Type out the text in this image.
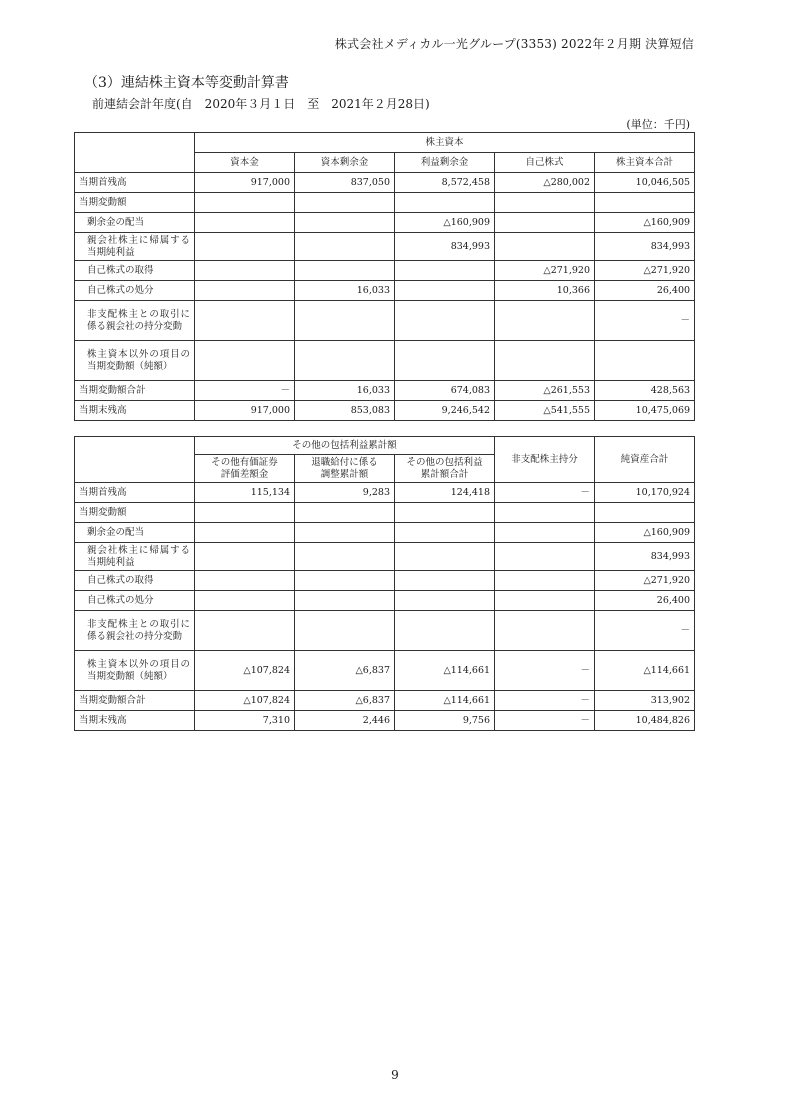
株式会社メディカル一光グループ(3353) 2022年２月期 決算短信
（3）連結株主資本等変動計算書
前連結会計年度(自　2020年３月１日　至　2021年２月28日)
(単位：千円)
	株主資本				
	資本金	資本剰余金	利益剰余金	自己株式	株主資本合計
当期首残高	917,000	837,050	8,572,458	△280,002	10,046,505
当期変動額					
剰余金の配当			△160,909		△160,909
親会社株主に帰属する当期純利益			834,993		834,993
自己株式の取得				△271,920	△271,920
自己株式の処分		16,033		10,366	26,400
非支配株主との取引に係る親会社の持分変動					－
株主資本以外の項目の当期変動額（純額）					
当期変動額合計	－	16,033	674,083	△261,553	428,563
当期末残高	917,000	853,083	9,246,542	△541,555	10,475,069
	その他の包括利益累計額			非支配株主持分	純資産合計
	その他有価証券評価差額金	退職給付に係る調整累計額	その他の包括利益累計額合計		
当期首残高	115,134	9,283	124,418	－	10,170,924
当期変動額					
剰余金の配当					△160,909
親会社株主に帰属する当期純利益					834,993
自己株式の取得					△271,920
自己株式の処分					26,400
非支配株主との取引に係る親会社の持分変動					－
株主資本以外の項目の当期変動額（純額）	△107,824	△6,837	△114,661	－	△114,661
当期変動額合計	△107,824	△6,837	△114,661	－	313,902
当期末残高	7,310	2,446	9,756	－	10,484,826
9
